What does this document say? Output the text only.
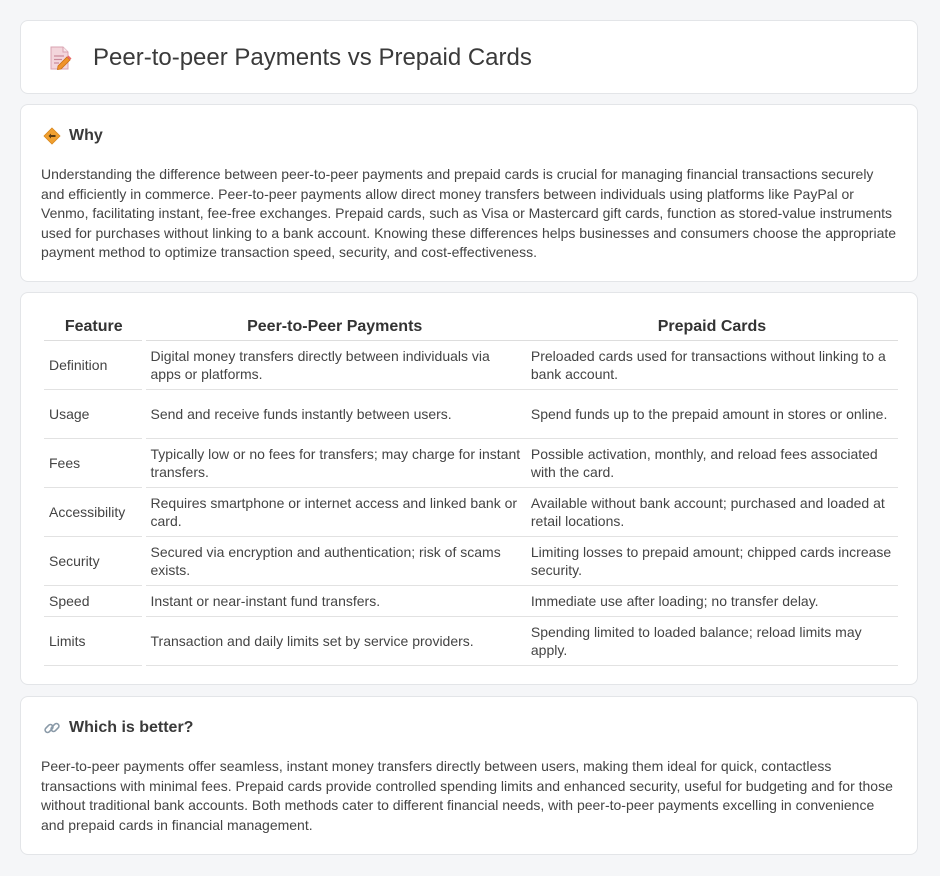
Peer-to-peer Payments vs Prepaid Cards
Why

Understanding the difference between peer-to-peer payments and prepaid cards is crucial for managing financial transactions securely and efficiently in commerce. Peer-to-peer payments allow direct money transfers between individuals using platforms like PayPal or Venmo, facilitating instant, fee-free exchanges. Prepaid cards, such as Visa or Mastercard gift cards, function as stored-value instruments used for purchases without linking to a bank account. Knowing these differences helps businesses and consumers choose the appropriate payment method to optimize transaction speed, security, and cost-effectiveness.

Feature	Peer-to-Peer Payments	Prepaid Cards
Definition	Digital money transfers directly between individuals via apps or platforms.	Preloaded cards used for transactions without linking to a bank account.
Usage	Send and receive funds instantly between users.	Spend funds up to the prepaid amount in stores or online.
Fees	Typically low or no fees for transfers; may charge for instant transfers.	Possible activation, monthly, and reload fees associated with the card.
Accessibility	Requires smartphone or internet access and linked bank or card.	Available without bank account; purchased and loaded at retail locations.
Security	Secured via encryption and authentication; risk of scams exists.	Limiting losses to prepaid amount; chipped cards increase security.
Speed	Instant or near-instant fund transfers.	Immediate use after loading; no transfer delay.
Limits	Transaction and daily limits set by service providers.	Spending limited to loaded balance; reload limits may apply.
Which is better?

Peer-to-peer payments offer seamless, instant money transfers directly between users, making them ideal for quick, contactless transactions with minimal fees. Prepaid cards provide controlled spending limits and enhanced security, useful for budgeting and for those without traditional bank accounts. Both methods cater to different financial needs, with peer-to-peer payments excelling in convenience and prepaid cards in financial management.
